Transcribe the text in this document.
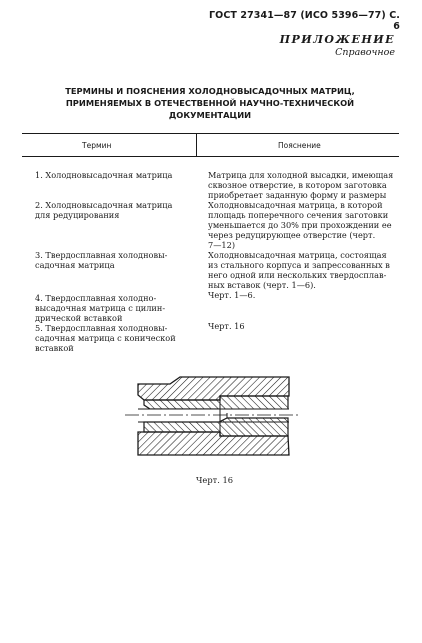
ГОСТ 27341—87 (ИСО 5396—77) С. 6
ПРИЛОЖЕНИЕ
Справочное
ТЕРМИНЫ И ПОЯСНЕНИЯ ХОЛОДНОВЫСАДОЧНЫХ МАТРИЦ,
ПРИМЕНЯЕМЫХ В ОТЕЧЕСТВЕННОЙ НАУЧНО-ТЕХНИЧЕСКОЙ
ДОКУМЕНТАЦИИ
Термин	Пояснение
1. Холодновысадочная матрица	Матрица для холодной высадки, имеющая
сквозное отверстие, в котором заготовка
приобретает заданную форму и размеры
2. Холодновысадочная матрица
для редуцирования
Холодновысадочная матрица, в которой
площадь поперечного сечения заготовки
уменьшается до 30% при прохождении ее
через редуцирующее отверстие (черт.
7—12)
3. Твердосплавная холодновы-
садочная матрица
Холодновысадочная матрица, состоящая
из стального корпуса и запрессованных в
него одной или нескольких твердосплав-
ных вставок (черт. 1—6).
4. Твердосплавная холодно-
высадочная матрица с цилин-
дрической вставкой
Черт. 1—6.
5. Твердосплавная холодновы-
садочная матрица с конической
вставкой
Черт. 16
Черт. 16
